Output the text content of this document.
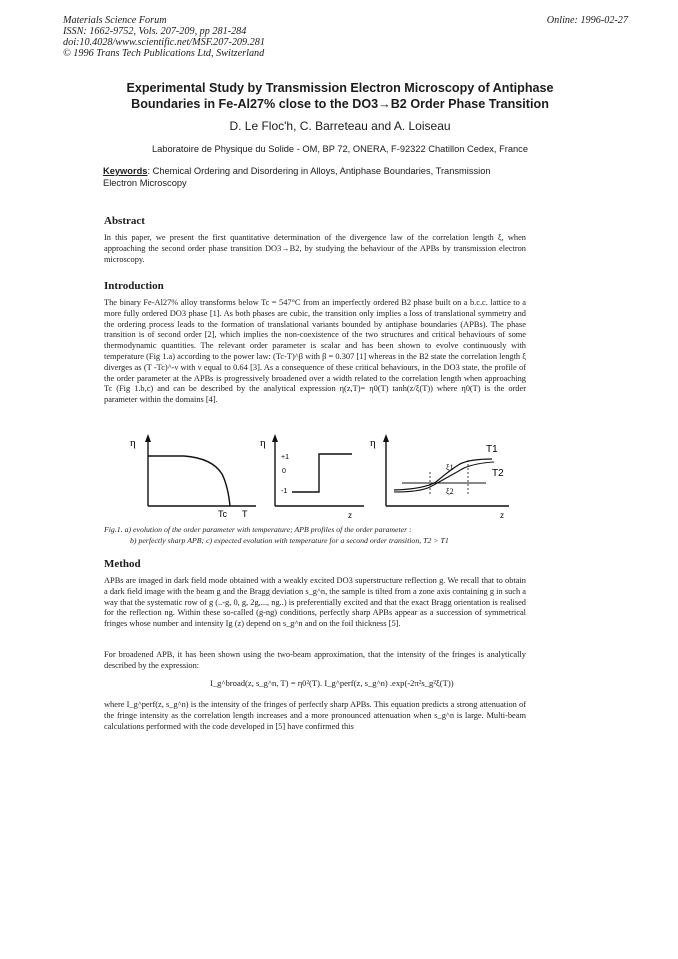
Materials Science Forum
ISSN: 1662-9752, Vols. 207-209, pp 281-284
doi:10.4028/www.scientific.net/MSF.207-209.281
© 1996 Trans Tech Publications Ltd, Switzerland
Online: 1996-02-27
Experimental Study by Transmission Electron Microscopy of Antiphase
Boundaries in Fe-Al27% close to the DO3→B2 Order Phase Transition
D. Le Floc'h, C. Barreteau and A. Loiseau
Laboratoire de Physique du Solide - OM, BP 72, ONERA, F-92322 Chatillon Cedex, France
Keywords: Chemical Ordering and Disordering in Alloys, Antiphase Boundaries, Transmission Electron Microscopy
Abstract
In this paper, we present the first quantitative determination of the divergence law of the correlation length ξ, when approaching the second order phase transition DO3→B2, by studying the behaviour of the APBs by transmission electron microscopy.
Introduction
The binary Fe-Al27% alloy transforms below Tc = 547°C from an imperfectly ordered B2 phase built on a b.c.c. lattice to a more fully ordered DO3 phase [1]. As both phases are cubic, the transition only implies a loss of translational symmetry and the ordering process leads to the formation of translational variants bounded by antiphase boundaries (APBs). The phase transition is of second order [2], which implies the non-coexistence of the two structures and critical behaviours of some thermodynamic quantities. The relevant order parameter is scalar and has been shown to evolve continuously with temperature (Fig 1.a) according to the power law: (Tc-T)^β with β = 0.307 [1] whereas in the B2 state the correlation length ξ diverges as (T -Tc)^-ν with ν equal to 0.64 [3]. As a consequence of these critical behaviours, in the DO3 state, the profile of the order parameter at the APBs is progressively broadened over a width related to the correlation length when approaching Tc (Fig 1.b,c) and can be described by the analytical expression η(z,T)= η0(T) tanh(z/ξ(T)) where η0(T) is the order parameter within the domains [4].
η
Tc T
η
+1
0
-1
z
η
ξ1
ξ2
T1
T2
z
Fig.1. a) evolution of the order parameter with temperature; APB profiles of the order parameter :
b) perfectly sharp APB; c) expected evolution with temperature for a second order transition, T2 > T1
Method
APBs are imaged in dark field mode obtained with a weakly excited DO3 superstructure reflection g. We recall that to obtain a dark field image with the beam g and the Bragg deviation s_g^n, the sample is tilted from a zone axis containing g in such a way that the systematic row of g (..-g, 0, g, 2g,..., ng..) is preferentially excited and that the exact Bragg orientation is realised for the reflection ng. Within these so-called (g-ng) conditions, perfectly sharp APBs appear as a succession of symmetrical fringes whose number and intensity Ig (z) depend on s_g^n and on the foil thickness [5].
For broadened APB, it has been shown using the two-beam approximation, that the intensity of the fringes is analytically described by the expression:
I_g^broad(z, s_g^n, T) = η0²(T). I_g^perf(z, s_g^n) .exp(-2π²s_g²ξ(T))
where I_g^perf(z, s_g^n) is the intensity of the fringes of perfectly sharp APBs. This equation predicts a strong attenuation of the fringe intensity as the correlation length increases and a more pronounced attenuation when s_g^n is large. Multi-beam calculations performed with the code developed in [5] have confirmed this
